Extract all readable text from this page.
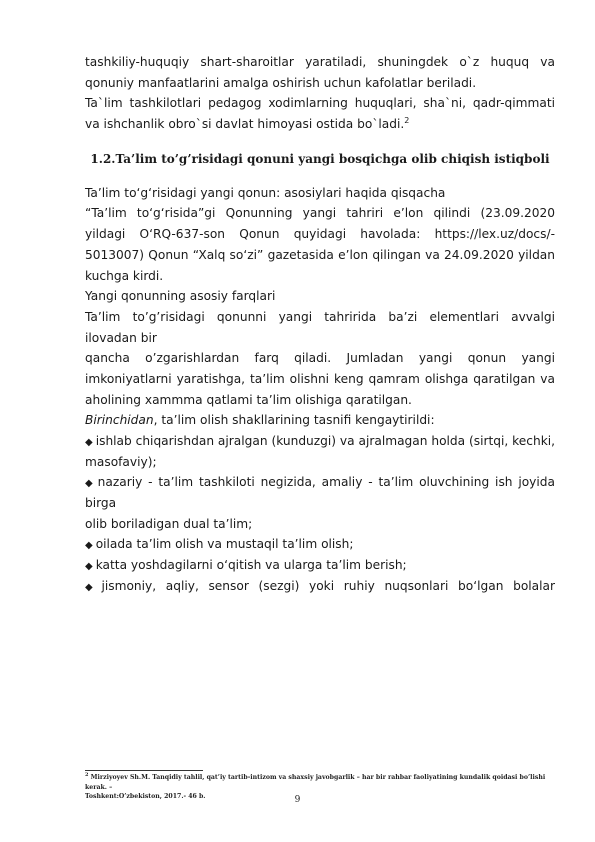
tashkiliy-huquqiy shart-sharoitlar yaratiladi, shuningdek o`z huquq va
qonuniy manfaatlarini amalga oshirish uchun kafolatlar beriladi.
Ta`lim tashkilotlari pedagog xodimlarning huquqlari, sha`ni, qadr-qimmati
va ishchanlik obro`si davlat himoyasi ostida bo`ladi.$^2$
1.2.Ta’lim to’g’risidagi qonuni yangi bosqichga olib chiqish istiqboli
Ta’lim to‘g‘risidagi yangi qonun: asosiylari haqida qisqacha
“Ta’lim to‘g‘risida”gi Qonunning yangi tahriri e’lon qilindi (23.09.2020
yildagi O‘RQ-637-son Qonun quyidagi havolada: https://lex.uz/docs/-
5013007) Qonun “Xalq so‘zi” gazetasida e’lon qilingan va 24.09.2020 yildan
kuchga kirdi.
Yangi qonunning asosiy farqlari
Ta’lim to’g’risidagi qonunni yangi tahririda ba’zi elementlari avvalgi
ilovadan bir
qancha o’zgarishlardan farq qiladi. Jumladan yangi qonun yangi
imkoniyatlarni yaratishga, ta’lim olishni keng qamram olishga qaratilgan va
aholining xammma qatlami ta’lim olishiga qaratilgan.
Birinchidan, ta’lim olish shakllarining tasnifi kengaytirildi:
◆ ishlab chiqarishdan ajralgan (kunduzgi) va ajralmagan holda (sirtqi, kechki,
masofaviy);
◆ nazariy - ta’lim tashkiloti negizida, amaliy - ta’lim oluvchining ish joyida
birga
olib boriladigan dual ta’lim;
◆ oilada ta’lim olish va mustaqil ta’lim olish;
◆ katta yoshdagilarni o‘qitish va ularga ta’lim berish;
◆ jismoniy, aqliy, sensor (sezgi) yoki ruhiy nuqsonlari bo‘lgan bolalar
$^2$ Mirziyoyev Sh.M. Tanqidiy tahlil, qat’iy tartib-intizom va shaxsiy javobgarlik – har bir rahbar faoliyatining kundalik qoidasi bo’lishi kerak. –
Toshkent:O’zbekiston, 2017.- 46 b.	9
